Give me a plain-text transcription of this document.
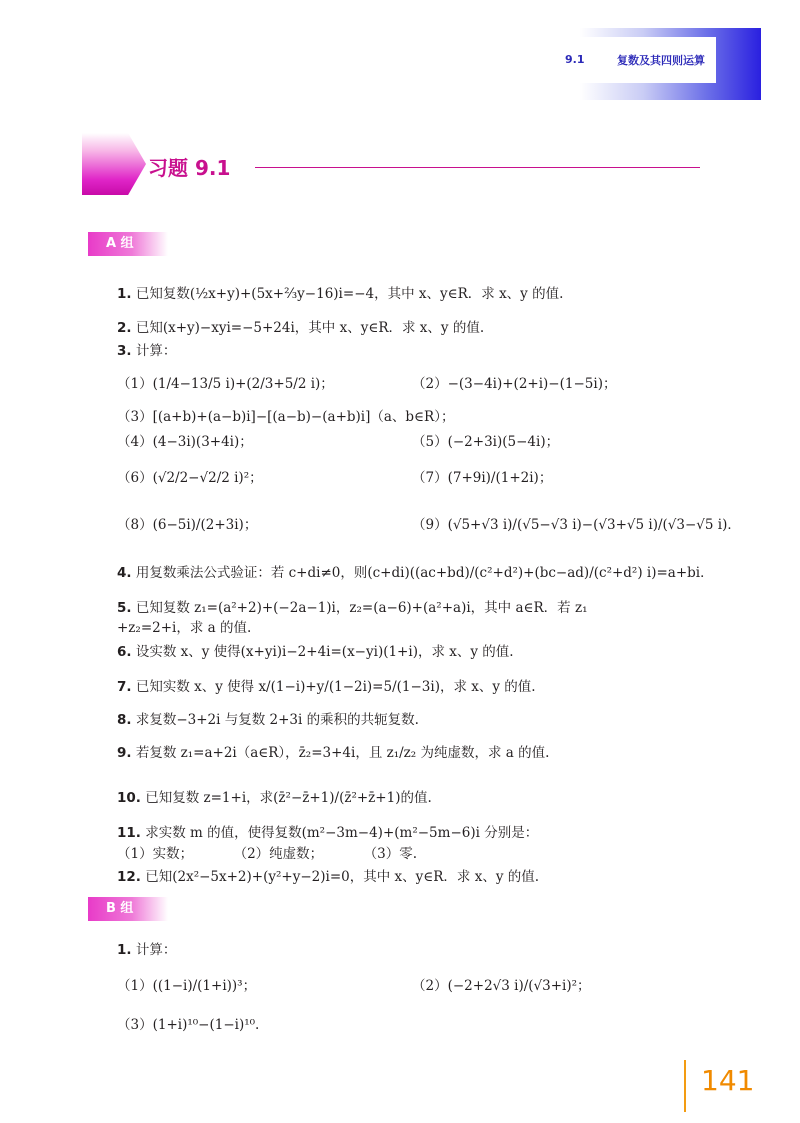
9.1	复数及其四则运算
习题 9.1
A 组
1. 已知复数(½x+y)+(5x+⅔y−16)i=−4，其中 x、y∈R．求 x、y 的值.
2. 已知(x+y)−xyi=−5+24i，其中 x、y∈R．求 x、y 的值.
3. 计算：
（1）(1/4−13/5 i)+(2/3+5/2 i)；	（2）−(3−4i)+(2+i)−(1−5i)；
（3）[(a+b)+(a−b)i]−[(a−b)−(a+b)i]（a、b∈R）；
（4）(4−3i)(3+4i)；	（5）(−2+3i)(5−4i)；
（6）(√2/2−√2/2 i)²；	（7）(7+9i)/(1+2i)；
（8）(6−5i)/(2+3i)；	（9）(√5+√3 i)/(√5−√3 i)−(√3+√5 i)/(√3−√5 i)．
4. 用复数乘法公式验证：若 c+di≠0，则(c+di)((ac+bd)/(c²+d²)+(bc−ad)/(c²+d²) i)=a+bi．
5. 已知复数 z₁=(a²+2)+(−2a−1)i，z₂=(a−6)+(a²+a)i，其中 a∈R．若 z₁
+z₂=2+i，求 a 的值.
6. 设实数 x、y 使得(x+yi)i−2+4i=(x−yi)(1+i)，求 x、y 的值.
7. 已知实数 x、y 使得 x/(1−i)+y/(1−2i)=5/(1−3i)，求 x、y 的值.
8. 求复数−3+2i 与复数 2+3i 的乘积的共轭复数.
9. 若复数 z₁=a+2i（a∈R），z̄₂=3+4i，且 z₁/z₂ 为纯虚数，求 a 的值.
10. 已知复数 z=1+i，求(z̄²−z̄+1)/(z̄²+z̄+1)的值.
11. 求实数 m 的值，使得复数(m²−3m−4)+(m²−5m−6)i 分别是：
（1）实数；　　　　（2）纯虚数；　　　　（3）零.
12. 已知(2x²−5x+2)+(y²+y−2)i=0，其中 x、y∈R．求 x、y 的值.
B 组
1. 计算：
（1）((1−i)/(1+i))³；	（2）(−2+2√3 i)/(√3+i)²；
（3）(1+i)¹⁰−(1−i)¹⁰.
141
